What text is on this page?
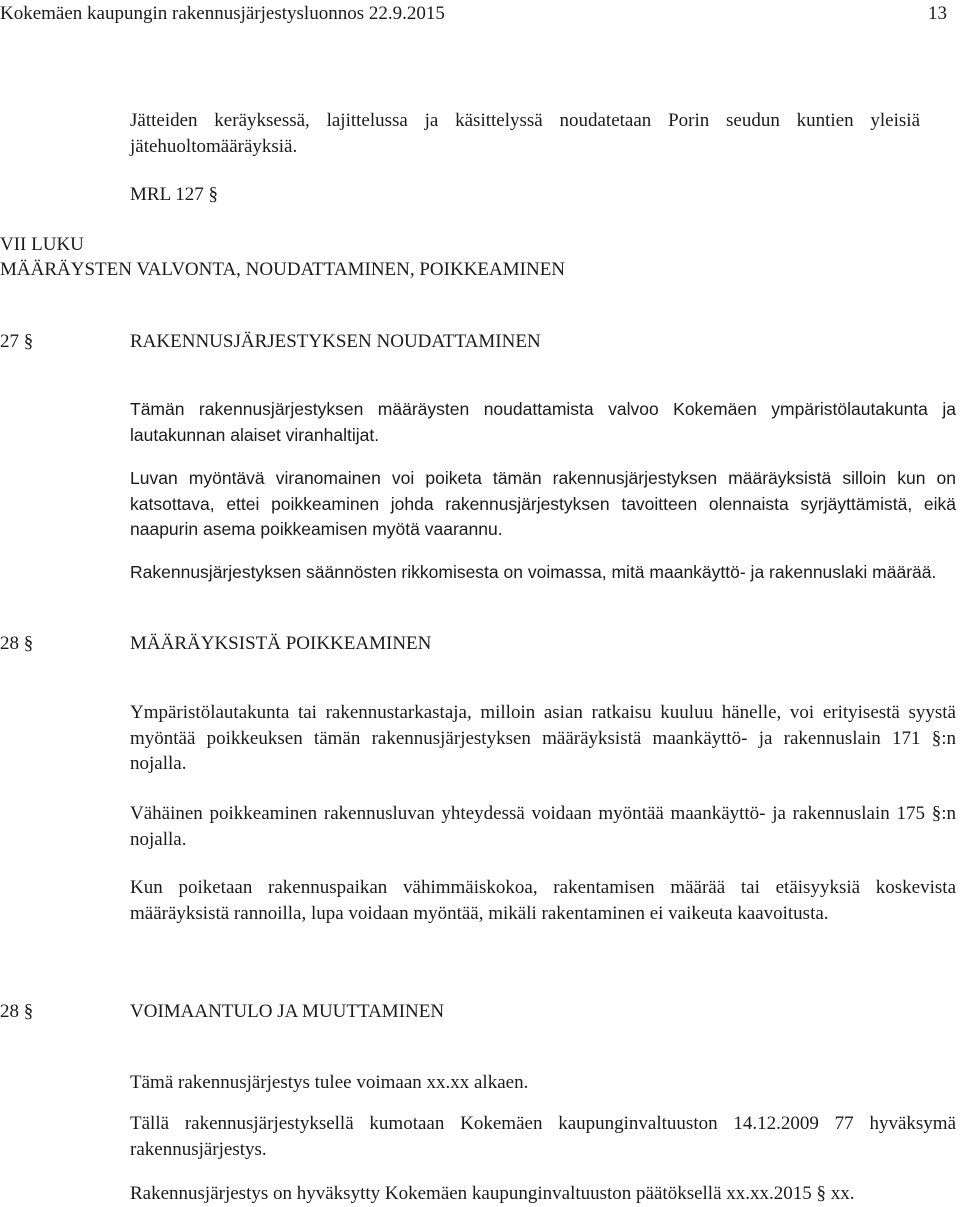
Kokemäen kaupungin rakennusjärjestysluonnos 22.9.2015	13
Jätteiden keräyksessä, lajittelussa ja käsittelyssä noudatetaan Porin seudun kuntien yleisiä jätehuoltomääräyksiä.
MRL 127 §
VII LUKU
MÄÄRÄYSTEN VALVONTA, NOUDATTAMINEN, POIKKEAMINEN
27 §	RAKENNUSJÄRJESTYKSEN NOUDATTAMINEN
Tämän rakennusjärjestyksen määräysten noudattamista valvoo Kokemäen ympäristölautakunta ja lautakunnan alaiset viranhaltijat.
Luvan myöntävä viranomainen voi poiketa tämän rakennusjärjestyksen määräyksistä silloin kun on katsottava, ettei poikkeaminen johda rakennusjärjestyksen tavoitteen olennaista syrjäyttämistä, eikä naapurin asema poikkeamisen myötä vaarannu.
Rakennusjärjestyksen säännösten rikkomisesta on voimassa, mitä maankäyttö- ja rakennuslaki määrää.
28 §	MÄÄRÄYKSISTÄ POIKKEAMINEN
Ympäristölautakunta tai rakennustarkastaja, milloin asian ratkaisu kuuluu hänelle, voi erityisestä syystä myöntää poikkeuksen tämän rakennusjärjestyksen määräyksistä maankäyttö- ja rakennuslain 171 §:n nojalla.
Vähäinen poikkeaminen rakennusluvan yhteydessä voidaan myöntää maankäyttö- ja rakennuslain 175 §:n nojalla.
Kun poiketaan rakennuspaikan vähimmäiskokoa, rakentamisen määrää tai etäisyyksiä koskevista määräyksistä rannoilla, lupa voidaan myöntää, mikäli rakentaminen ei vaikeuta kaavoitusta.
28 §	VOIMAANTULO JA MUUTTAMINEN
Tämä rakennusjärjestys tulee voimaan xx.xx alkaen.
Tällä rakennusjärjestyksellä kumotaan Kokemäen kaupunginvaltuuston 14.12.2009 77 hyväksymä rakennusjärjestys.
Rakennusjärjestys on hyväksytty Kokemäen kaupunginvaltuuston päätöksellä xx.xx.2015 § xx.
